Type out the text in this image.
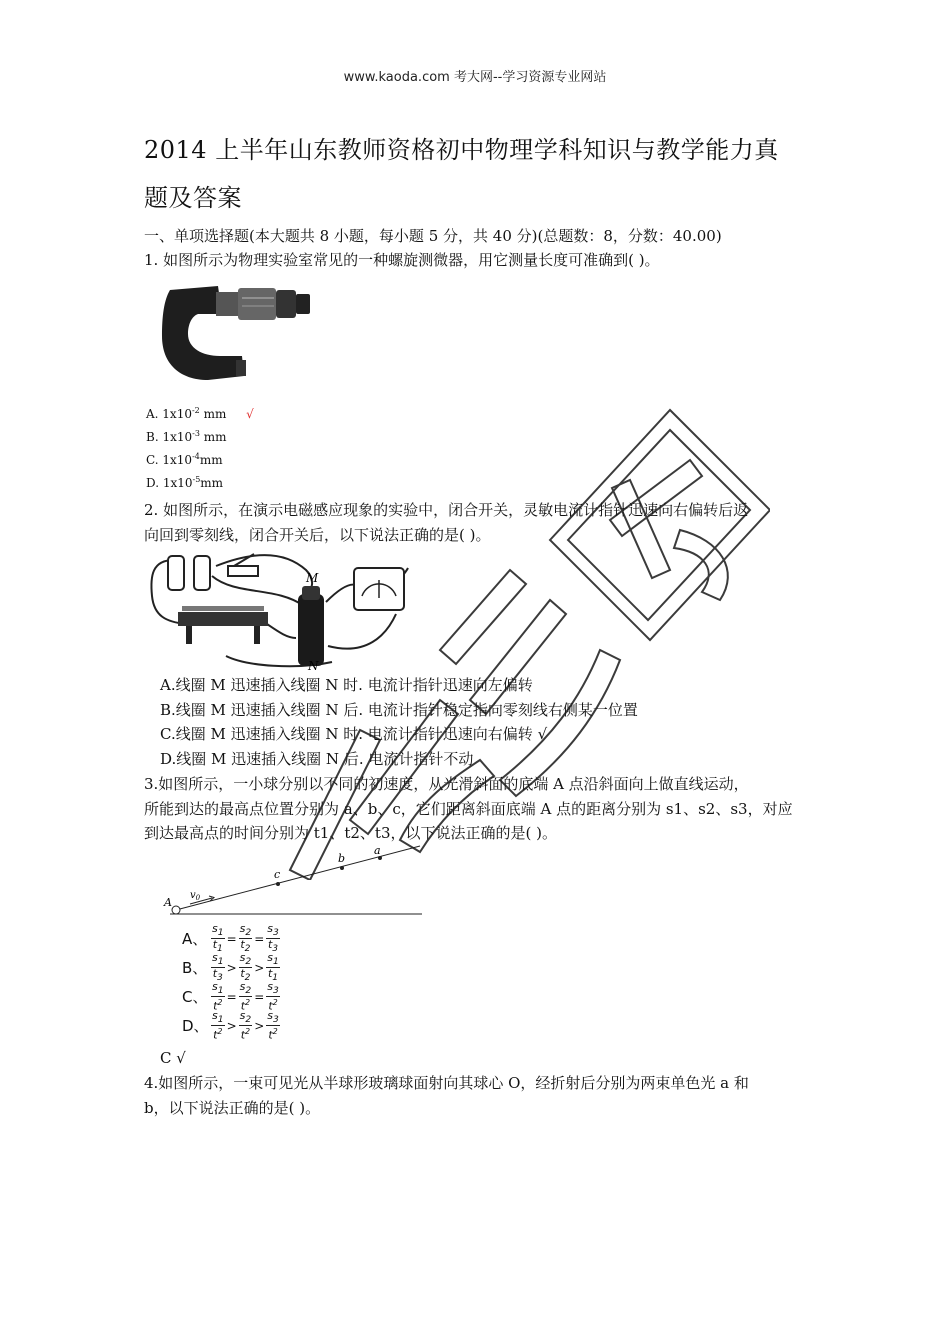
www.kaoda.com 考大网--学习资源专业网站
2014 上半年山东教师资格初中物理学科知识与教学能力真
题及答案
一、单项选择题(本大题共 8 小题，每小题 5 分，共 40 分)(总题数：8，分数：40.00)
1. 如图所示为物理实验室常见的一种螺旋测微器，用它测量长度可准确到( )。
A. $1x10^{-2}$ mm √
B. $1x10^{-3}$ mm
C. $1x10^{-4}mm$
D. $1x10^{-5}mm$
2. 如图所示，在演示电磁感应现象的实验中，闭合开关，灵敏电流计指针迅速向右偏转后返
向回到零刻线，闭合开关后，以下说法正确的是( )。
M
N
A.线圈 M 迅速插入线圈 N 时. 电流计指针迅速向左偏转
B.线圈 M 迅速插入线圈 N 后. 电流计指针稳定指向零刻线右侧某一位置
C.线圈 M 迅速插入线圈 N 时. 电流计指针迅速向右偏转 √
D.线圈 M 迅速插入线圈 N 后. 电流计指针不动
3.如图所示，一小球分别以不同的初速度，从光滑斜面的底端 A 点沿斜面向上做直线运动，
所能到达的最高点位置分别为 a、b、c，它们距离斜面底端 A 点的距离分别为 s1、s2、s3，对应
到达最高点的时间分别为 t1、t2、t3，以下说法正确的是( )。
A
$v_0$
c
b
a
A、 $\frac{s_1}{t_1} = \frac{s_2}{t_2} = \frac{s_3}{t_3}$
B、 $\frac{s_1}{t_3} > \frac{s_2}{t_2} > \frac{s_1}{t_1}$
C、 $\frac{s_1}{t^2} = \frac{s_2}{t^2} = \frac{s_3}{t^2}$
D、 $\frac{s_1}{t^2} > \frac{s_2}{t^2} > \frac{s_3}{t^2}$
C √
4.如图所示，一束可见光从半球形玻璃球面射向其球心 O，经折射后分别为两束单色光 a 和
b，以下说法正确的是( )。
